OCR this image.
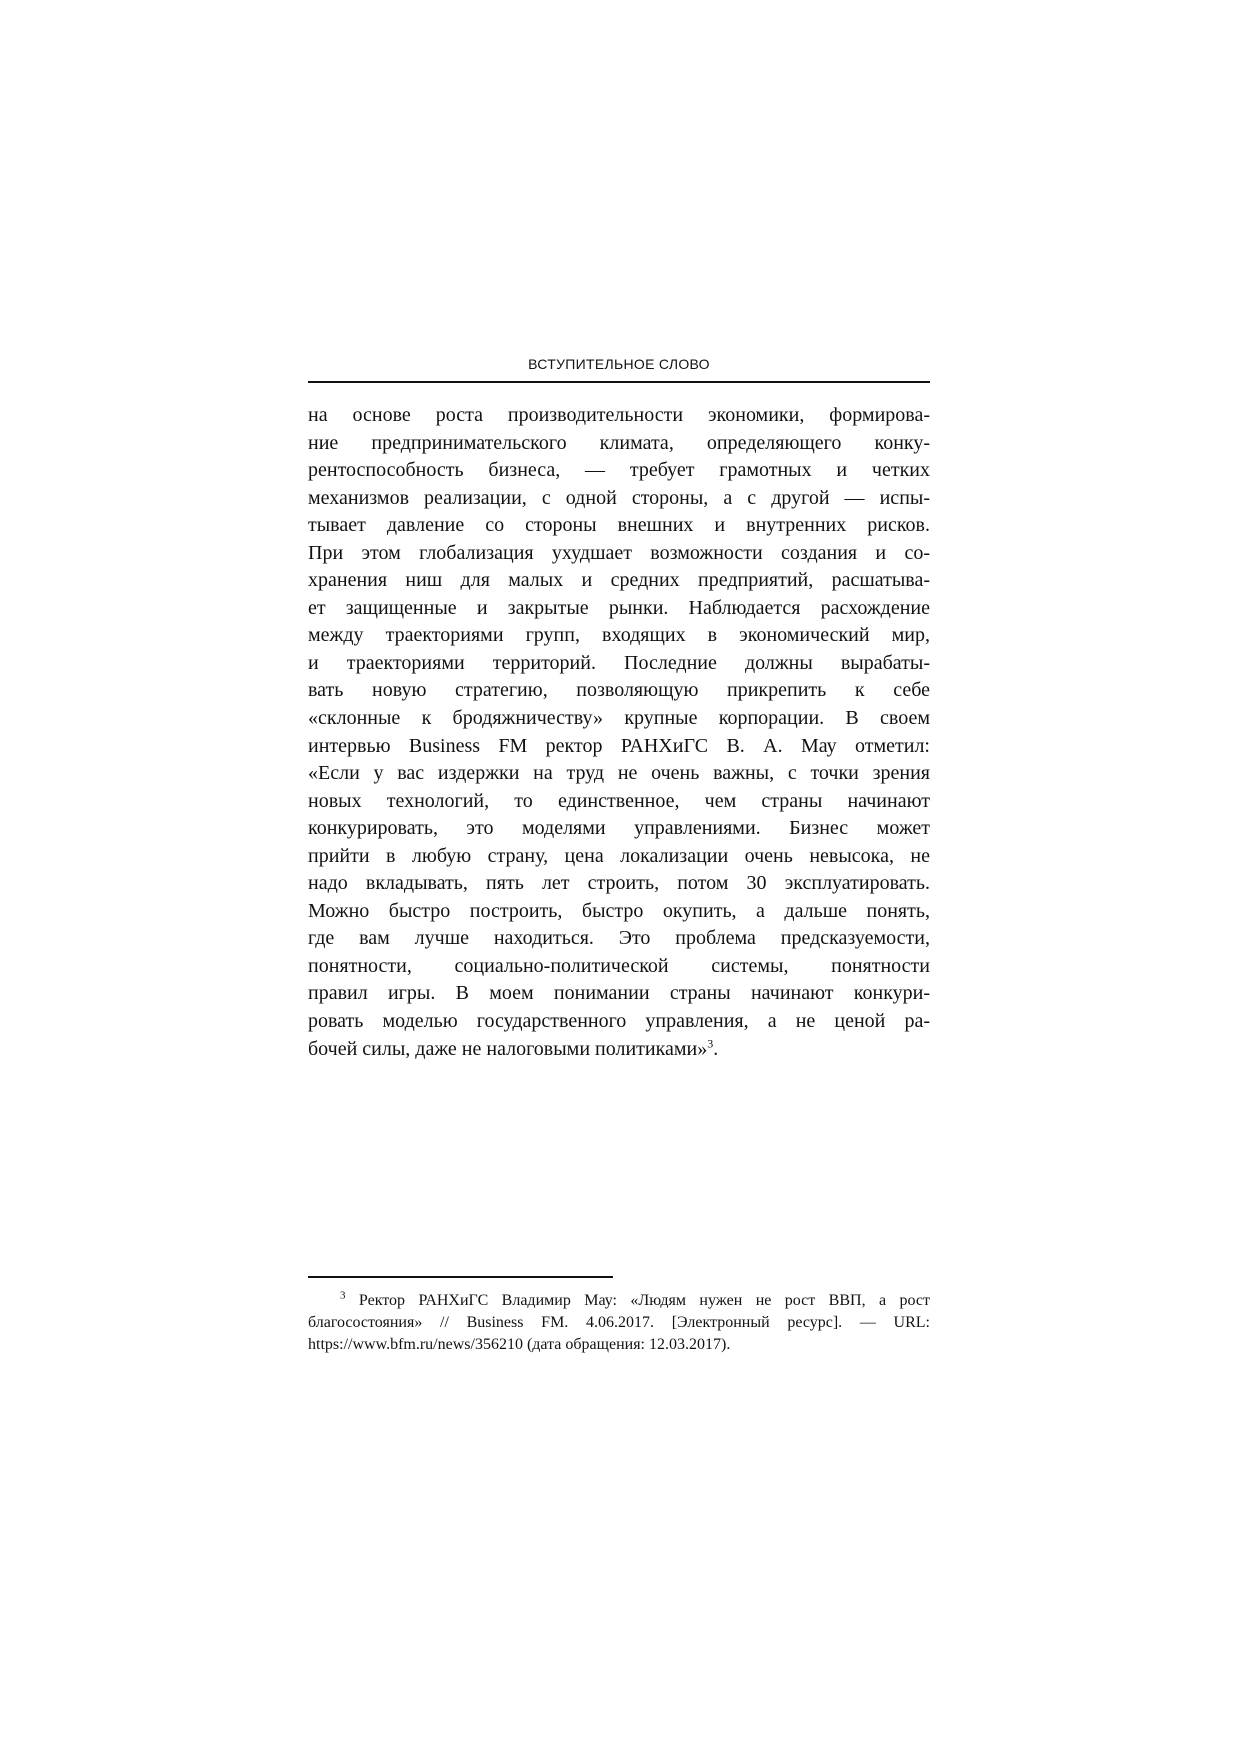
ВСТУПИТЕЛЬНОЕ СЛОВО
на основе роста производительности экономики, формирова-
ние предпринимательского климата, определяющего конку-
рентоспособность бизнеса, — требует грамотных и четких
механизмов реализации, с одной стороны, а с другой — испы-
тывает давление со стороны внешних и внутренних рисков.
При этом глобализация ухудшает возможности создания и со-
хранения ниш для малых и средних предприятий, расшатыва-
ет защищенные и закрытые рынки. Наблюдается расхождение
между траекториями групп, входящих в экономический мир,
и траекториями территорий. Последние должны вырабаты-
вать новую стратегию, позволяющую прикрепить к себе
«склонные к бродяжничеству» крупные корпорации. В своем
интервью Business FM ректор РАНХиГС В. А. Мау отметил:
«Если у вас издержки на труд не очень важны, с точки зрения
новых технологий, то единственное, чем страны начинают
конкурировать, это моделями управлениями. Бизнес может
прийти в любую страну, цена локализации очень невысока, не
надо вкладывать, пять лет строить, потом 30 эксплуатировать.
Можно быстро построить, быстро окупить, а дальше понять,
где вам лучше находиться. Это проблема предсказуемости,
понятности, социально-политической системы, понятности
правил игры. В моем понимании страны начинают конкури-
ровать моделью государственного управления, а не ценой ра-
бочей силы, даже не налоговыми политиками»$^3$.
$^3$ Ректор РАНХиГС Владимир Мау: «Людям нужен не рост ВВП, а рост
благосостояния» // Business FM. 4.06.2017. [Электронный ресурс]. — URL:
https://www.bfm.ru/news/356210 (дата обращения: 12.03.2017).
